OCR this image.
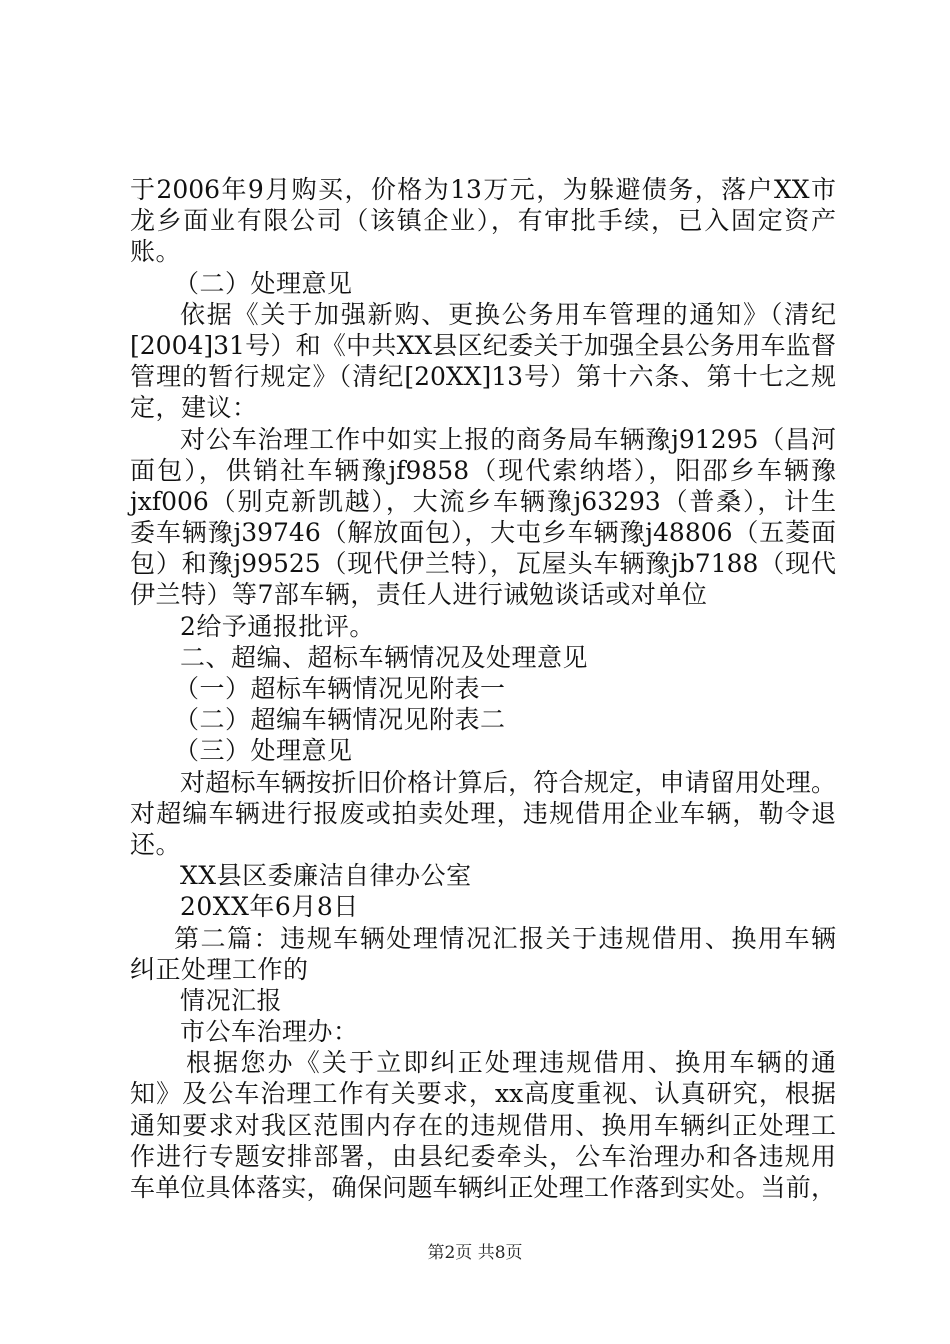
于2006年9月购买，价格为13万元，为躲避债务，落户XX市
龙乡面业有限公司（该镇企业），有审批手续，已入固定资产
账。
（二）处理意见
依据《关于加强新购、更换公务用车管理的通知》（清纪
[2004]31号）和《中共XX县区纪委关于加强全县公务用车监督
管理的暂行规定》（清纪[20XX]13号）第十六条、第十七之规
定，建议：
对公车治理工作中如实上报的商务局车辆豫j91295（昌河
面包），供销社车辆豫jf9858（现代索纳塔），阳邵乡车辆豫
jxf006（别克新凯越），大流乡车辆豫j63293（普桑），计生
委车辆豫j39746（解放面包），大屯乡车辆豫j48806（五菱面
包）和豫j99525（现代伊兰特），瓦屋头车辆豫jb7188（现代
伊兰特）等7部车辆，责任人进行诫勉谈话或对单位
2给予通报批评。
二、超编、超标车辆情况及处理意见
（一）超标车辆情况见附表一
（二）超编车辆情况见附表二
（三）处理意见
对超标车辆按折旧价格计算后，符合规定，申请留用处理。
对超编车辆进行报废或拍卖处理，违规借用企业车辆，勒令退
还。
XX县区委廉洁自律办公室
20XX年6月8日
第二篇：违规车辆处理情况汇报关于违规借用、换用车辆
纠正处理工作的
情况汇报
市公车治理办：
根据您办《关于立即纠正处理违规借用、换用车辆的通
知》及公车治理工作有关要求，xx高度重视、认真研究，根据
通知要求对我区范围内存在的违规借用、换用车辆纠正处理工
作进行专题安排部署，由县纪委牵头，公车治理办和各违规用
车单位具体落实，确保问题车辆纠正处理工作落到实处。当前，
第2页 共8页
